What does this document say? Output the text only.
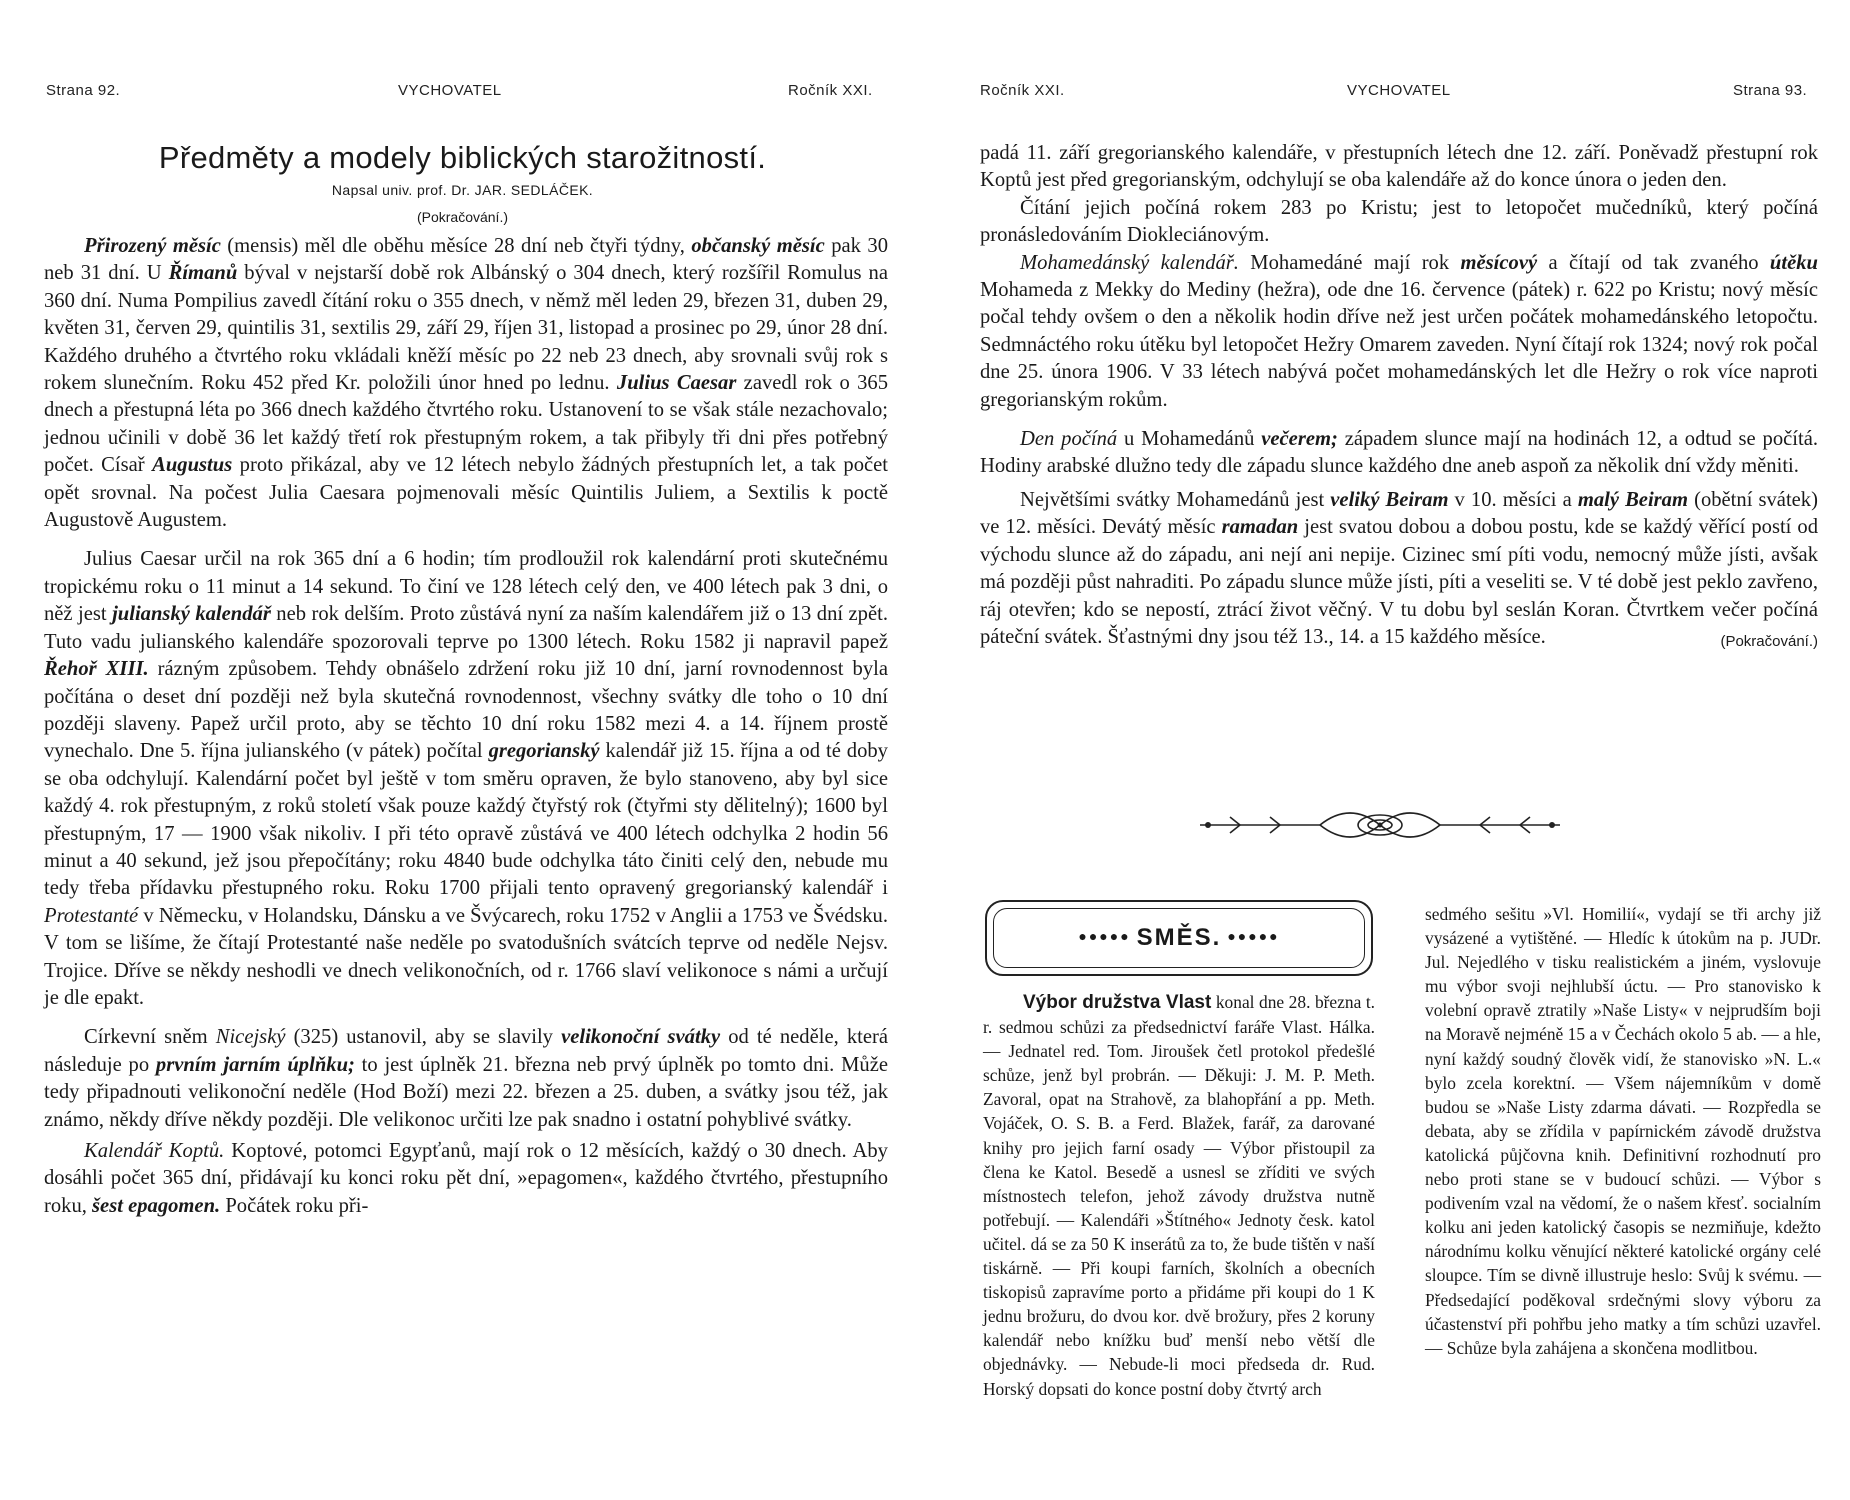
Strana 92.	VYCHOVATEL	Ročník XXI.
Předměty a modely biblických starožitností.
Napsal univ. prof. Dr. JAR. SEDLÁČEK.
(Pokračování.)

Přirozený měsíc (mensis) měl dle oběhu měsíce 28 dní neb čtyři týdny, občanský měsíc pak 30 neb 31 dní. U Římanů býval v nejstarší době rok Albánský o 304 dnech, který rozšířil Romulus na 360 dní. Numa Pompilius zavedl čítání roku o 355 dnech, v němž měl leden 29, březen 31, duben 29, květen 31, červen 29, quintilis 31, sextilis 29, září 29, říjen 31, listopad a prosinec po 29, únor 28 dní. Každého druhého a čtvrtého roku vkládali kněží měsíc po 22 neb 23 dnech, aby srovnali svůj rok s rokem slunečním. Roku 452 před Kr. položili únor hned po lednu. Julius Caesar zavedl rok o 365 dnech a přestupná léta po 366 dnech každého čtvrtého roku. Ustanovení to se však stále nezachovalo; jednou učinili v době 36 let každý třetí rok přestupným rokem, a tak přibyly tři dni přes potřebný počet. Císař Augustus proto přikázal, aby ve 12 létech nebylo žádných přestupních let, a tak počet opět srovnal. Na počest Julia Caesara pojmenovali měsíc Quintilis Juliem, a Sextilis k poctě Augustově Augustem.

Julius Caesar určil na rok 365 dní a 6 hodin; tím prodloužil rok kalendární proti skutečnému tropickému roku o 11 minut a 14 sekund. To činí ve 128 létech celý den, ve 400 létech pak 3 dni, o něž jest julianský kalendář neb rok delším. Proto zůstává nyní za naším kalendářem již o 13 dní zpět. Tuto vadu julianského kalendáře spozorovali teprve po 1300 létech. Roku 1582 ji napravil papež Řehoř XIII. rázným způsobem. Tehdy obnášelo zdržení roku již 10 dní, jarní rovnodennost byla počítána o deset dní později než byla skutečná rovnodennost, všechny svátky dle toho o 10 dní později slaveny. Papež určil proto, aby se těchto 10 dní roku 1582 mezi 4. a 14. říjnem prostě vynechalo. Dne 5. října julianského (v pátek) počítal gregorianský kalendář již 15. října a od té doby se oba odchylují. Kalendární počet byl ještě v tom směru opraven, že bylo stanoveno, aby byl sice každý 4. rok přestupným, z roků století však pouze každý čtyřstý rok (čtyřmi sty dělitelný); 1600 byl přestupným, 17 — 1900 však nikoliv. I při této opravě zůstává ve 400 létech odchylka 2 hodin 56 minut a 40 sekund, jež jsou přepočítány; roku 4840 bude odchylka táto činiti celý den, nebude mu tedy třeba přídavku přestupného roku. Roku 1700 přijali tento opravený gregorianský kalendář i Protestanté v Německu, v Holandsku, Dánsku a ve Švýcarech, roku 1752 v Anglii a 1753 ve Švédsku. V tom se lišíme, že čítají Protestanté naše neděle po svatodušních svátcích teprve od neděle Nejsv. Trojice. Dříve se někdy neshodli ve dnech velikonočních, od r. 1766 slaví velikonoce s námi a určují je dle epakt.

Církevní sněm Nicejský (325) ustanovil, aby se slavily velikonoční svátky od té neděle, která následuje po prvním jarním úplňku; to jest úplněk 21. března neb prvý úplněk po tomto dni. Může tedy připadnouti velikonoční neděle (Hod Boží) mezi 22. březen a 25. duben, a svátky jsou též, jak známo, někdy dříve někdy později. Dle velikonoc určiti lze pak snadno i ostatní pohyblivé svátky.

Kalendář Koptů. Koptové, potomci Egypťanů, mají rok o 12 měsících, každý o 30 dnech. Aby dosáhli počet 365 dní, přidávají ku konci roku pět dní, »epagomen«, každého čtvrtého, přestupního roku, šest epagomen. Počátek roku při-

Ročník XXI.	VYCHOVATEL	Strana 93.

padá 11. září gregorianského kalendáře, v přestupních létech dne 12. září. Poněvadž přestupní rok Koptů jest před gregorianským, odchylují se oba kalendáře až do konce února o jeden den.

Čítání jejich počíná rokem 283 po Kristu; jest to letopočet mučedníků, který počíná pronásledováním Diokleciánovým.

Mohamedánský kalendář. Mohamedáné mají rok měsícový a čítají od tak zvaného útěku Mohameda z Mekky do Mediny (hežra), ode dne 16. července (pátek) r. 622 po Kristu; nový měsíc počal tehdy ovšem o den a několik hodin dříve než jest určen počátek mohamedánského letopočtu. Sedmnáctého roku útěku byl letopočet Hežry Omarem zaveden. Nyní čítají rok 1324; nový rok počal dne 25. února 1906. V 33 létech nabývá počet mohamedánských let dle Hežry o rok více naproti gregorianským rokům.

Den počíná u Mohamedánů večerem; západem slunce mají na hodinách 12, a odtud se počítá. Hodiny arabské dlužno tedy dle západu slunce každého dne aneb aspoň za několik dní vždy měniti.

Největšími svátky Mohamedánů jest veliký Beiram v 10. měsíci a malý Beiram (obětní svátek) ve 12. měsíci. Devátý měsíc ramadan jest svatou dobou a dobou postu, kde se každý věřící postí od východu slunce až do západu, ani nejí ani nepije. Cizinec smí píti vodu, nemocný může jísti, avšak má později půst nahraditi. Po západu slunce může jísti, píti a veseliti se. V té době jest peklo zavřeno, ráj otevřen; kdo se nepostí, ztrácí život věčný. V tu dobu byl seslán Koran. Čtvrtkem večer počíná páteční svátek. Šťastnými dny jsou též 13., 14. a 15 každého měsíce.	(Pokračování.)

●●●●● SMĚS. ●●●●●

Výbor družstva Vlast konal dne 28. března t. r. sedmou schůzi za předsednictví faráře Vlast. Hálka. — Jednatel red. Tom. Jiroušek četl protokol předešlé schůze, jenž byl probrán. — Děkuji: J. M. P. Meth. Zavoral, opat na Strahově, za blahopřání a pp. Meth. Vojáček, O. S. B. a Ferd. Blažek, farář, za darované knihy pro jejich farní osady — Výbor přistoupil za člena ke Katol. Besedě a usnesl se zříditi ve svých místnostech telefon, jehož závody družstva nutně potřebují. — Kalendáři »Štítného« Jednoty česk. katol učitel. dá se za 50 K inserátů za to, že bude tištěn v naší tiskárně. — Při koupi farních, školních a obecních tiskopisů zapravíme porto a přidáme při koupi do 1 K jednu brožuru, do dvou kor. dvě brožury, přes 2 koruny kalendář nebo knížku buď menší nebo větší dle objednávky. — Nebude-li moci předseda dr. Rud. Horský dopsati do konce postní doby čtvrtý arch

sedmého sešitu »Vl. Homilií«, vydají se tři archy již vysázené a vytištěné. — Hledíc k útokům na p. JUDr. Jul. Nejedlého v tisku realistickém a jiném, vyslovuje mu výbor svoji nejhlubší úctu. — Pro stanovisko k volební opravě ztratily »Naše Listy« v nejprudším boji na Moravě nejméně 15 a v Čechách okolo 5 ab. — a hle, nyní každý soudný člověk vidí, že stanovisko »N. L.« bylo zcela korektní. — Všem nájemníkům v domě budou se »Naše Listy zdarma dávati. — Rozpředla se debata, aby se zřídila v papírnickém závodě družstva katolická půjčovna knih. Definitivní rozhodnutí pro nebo proti stane se v budoucí schůzi. — Výbor s podivením vzal na vědomí, že o našem křesť. socialním kolku ani jeden katolický časopis se nezmiňuje, kdežto národnímu kolku věnující některé katolické orgány celé sloupce. Tím se divně illustruje heslo: Svůj k svému. — Předsedající poděkoval srdečnými slovy výboru za účastenství při pohřbu jeho matky a tím schůzi uzavřel. — Schůze byla zahájena a skončena modlitbou.
